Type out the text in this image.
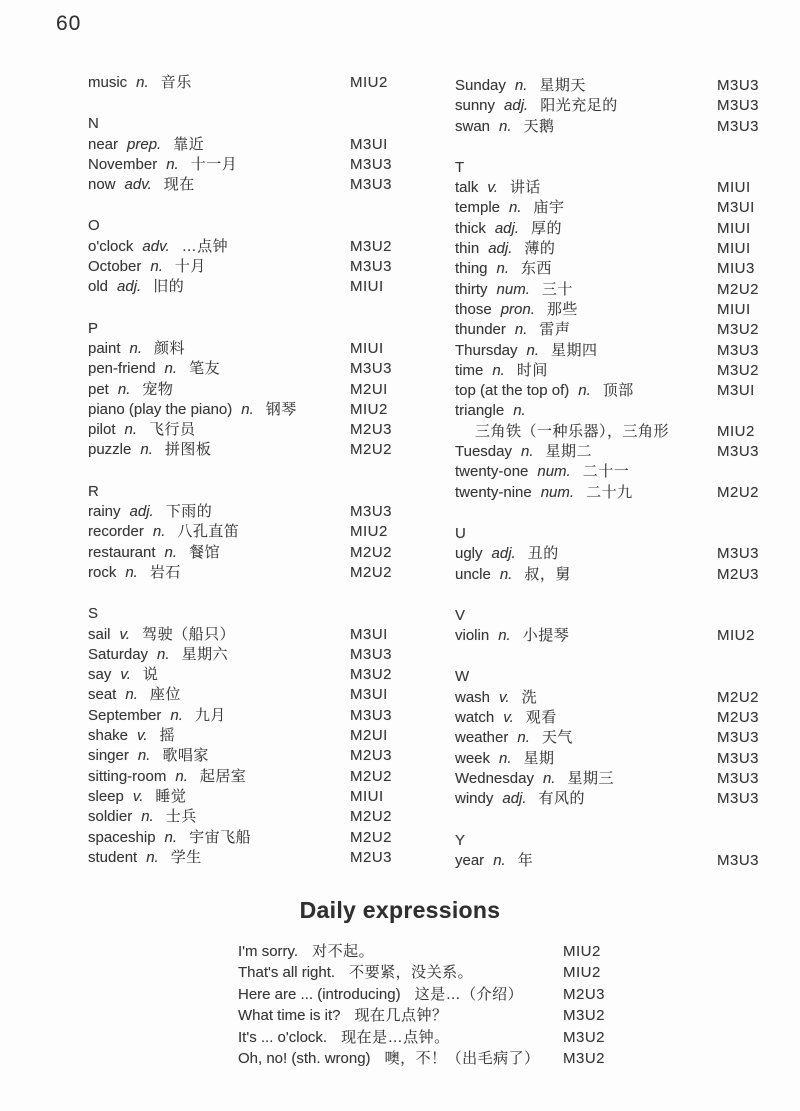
60
music n. 音乐	MIU2
N
near prep. 靠近	M3UI
November n. 十一月	M3U3
now adv. 现在	M3U3
O
o'clock adv. …点钟	M3U2
October n. 十月	M3U3
old adj. 旧的	MIUI
P
paint n. 颜料	MIUI
pen-friend n. 笔友	M3U3
pet n. 宠物	M2UI
piano (play the piano) n. 钢琴	MIU2
pilot n. 飞行员	M2U3
puzzle n. 拼图板	M2U2
R
rainy adj. 下雨的	M3U3
recorder n. 八孔直笛	MIU2
restaurant n. 餐馆	M2U2
rock n. 岩石	M2U2
S
sail v. 驾驶（船只）	M3UI
Saturday n. 星期六	M3U3
say v. 说	M3U2
seat n. 座位	M3UI
September n. 九月	M3U3
shake v. 摇	M2UI
singer n. 歌唱家	M2U3
sitting-room n. 起居室	M2U2
sleep v. 睡觉	MIUI
soldier n. 士兵	M2U2
spaceship n. 宇宙飞船	M2U2
student n. 学生	M2U3
Sunday n. 星期天	M3U3
sunny adj. 阳光充足的	M3U3
swan n. 天鹅	M3U3
T
talk v. 讲话	MIUI
temple n. 庙宇	M3UI
thick adj. 厚的	MIUI
thin adj. 薄的	MIUI
thing n. 东西	MIU3
thirty num. 三十	M2U2
those pron. 那些	MIUI
thunder n. 雷声	M3U2
Thursday n. 星期四	M3U3
time n. 时间	M3U2
top (at the top of) n. 顶部	M3UI
triangle n.
三角铁（一种乐器），三角形	MIU2
Tuesday n. 星期二	M3U3
twenty-one num. 二十一
twenty-nine num. 二十九	M2U2
U
ugly adj. 丑的	M3U3
uncle n. 叔，舅	M2U3
V
violin n. 小提琴	MIU2
W
wash v. 洗	M2U2
watch v. 观看	M2U3
weather n. 天气	M3U3
week n. 星期	M3U3
Wednesday n. 星期三	M3U3
windy adj. 有风的	M3U3
Y
year n. 年	M3U3
Daily expressions
I'm sorry. 对不起。	MIU2
That's all right. 不要紧，没关系。	MIU2
Here are ... (introducing) 这是…（介绍）	M2U3
What time is it? 现在几点钟？	M3U2
It's ... o'clock. 现在是…点钟。	M3U2
Oh, no! (sth. wrong) 噢，不！（出毛病了） M3U2
